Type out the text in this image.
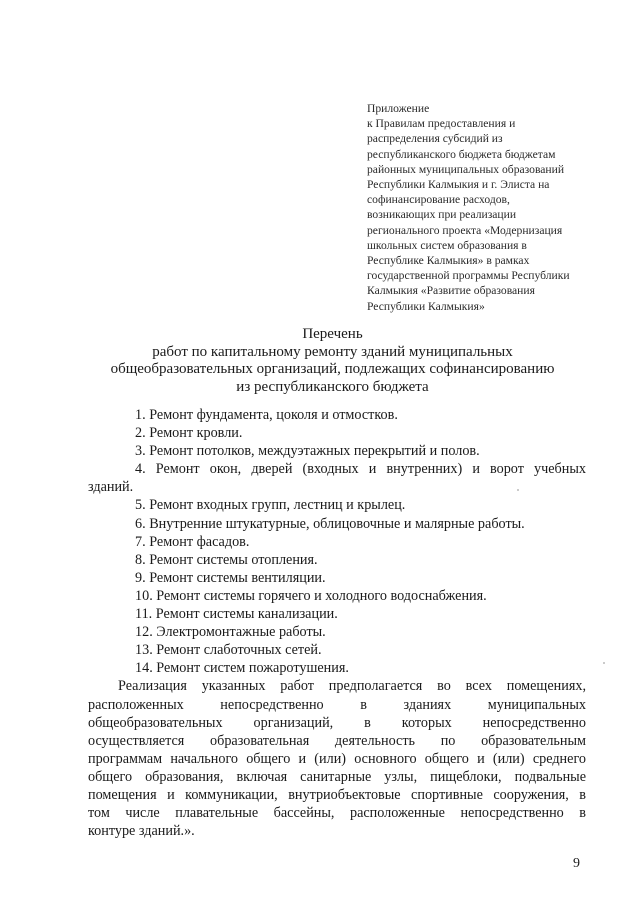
Приложение
к Правилам предоставления и
распределения субсидий из
республиканского бюджета бюджетам
районных муниципальных образований
Республики Калмыкия и г. Элиста на
софинансирование расходов,
возникающих при реализации
регионального проекта «Модернизация
школьных систем образования в
Республике Калмыкия» в рамках
государственной программы Республики
Калмыкия «Развитие образования
Республики Калмыкия»
Перечень
работ по капитальному ремонту зданий муниципальных
общеобразовательных организаций, подлежащих софинансированию
из республиканского бюджета
1. Ремонт фундамента, цоколя и отмостков.
2. Ремонт кровли.
3. Ремонт потолков, междуэтажных перекрытий и полов.
4. Ремонт окон, дверей (входных и внутренних) и ворот учебных
зданий.
5. Ремонт входных групп, лестниц и крылец.
6. Внутренние штукатурные, облицовочные и малярные работы.
7. Ремонт фасадов.
8. Ремонт системы отопления.
9. Ремонт системы вентиляции.
10. Ремонт системы горячего и холодного водоснабжения.
11. Ремонт системы канализации.
12. Электромонтажные работы.
13. Ремонт слаботочных сетей.
14. Ремонт систем пожаротушения.
Реализация указанных работ предполагается во всех помещениях,
расположенных непосредственно в зданиях муниципальных
общеобразовательных организаций, в которых непосредственно
осуществляется образовательная деятельность по образовательным
программам начального общего и (или) основного общего и (или) среднего
общего образования, включая санитарные узлы, пищеблоки, подвальные
помещения и коммуникации, внутриобъектовые спортивные сооружения, в
том числе плавательные бассейны, расположенные непосредственно в
контуре зданий.».
9
